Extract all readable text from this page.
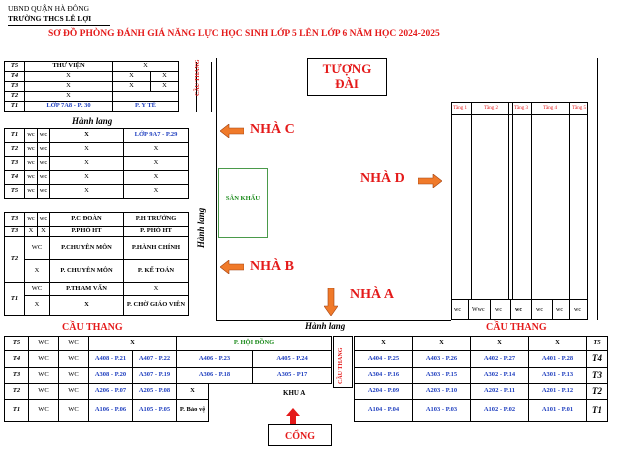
UBND QUẬN HÀ ĐÔNG
TRƯỜNG THCS LÊ LỢI
SƠ ĐỒ PHÒNG ĐÁNH GIÁ NĂNG LỰC HỌC SINH LỚP 5 LÊN LỚP 6 NĂM HỌC 2024-2025
T5	THƯ VIỆN	X			
T4	X	X	X		
T3	X	X	X		
T2	X				
T1	LỚP 7A8 - P. 30	P. Y TẾ			
CẦU THANG
Hành lang
T1	wc	wc	X	LỚP 9A7 - P.29
T2	wc	wc	X	X
T3	wc	wc	X	X
T4	wc	wc	X	X
T5	wc	wc	X	X
T3	wc	wc	P.C ĐOÀN	P.H TRƯỞNG
T3	X	X	P.PHÓ HT	P. PHÓ HT
T2	WC		P.CHUYÊN MÔN	P.HÀNH CHÍNH
	X		P. CHUYÊN MÔN	P. KẾ TOÁN
T1	WC		P.THAM VẤN	X
	X		X	P. CHỜ GIÁO VIÊN
Hành lang
SÂN KHẤU
TƯỢNG ĐÀI
NHÀ C
NHÀ B
NHÀ D
NHÀ A
Tầng 1	Tầng 2	Tầng 3	Tầng 4	Tầng 5
wc Wwc wc wc wc wc wc
Hành lang
CẦU THANG	CẦU THANG
T5	WC	WC	X		P. HỘI ĐỒNG		
T4	WC	WC	A408 - P.21	A407 - P.22	A406 - P.23		A405 - P.24
T3	WC	WC	A308 - P.20	A307 - P.19	A306 - P.18		A305 - P17
T2	WC	WC	A206 - P.07	A205 - P.08	X		
T1	WC	WC	A106 - P.06	A105 - P.05	P. Bảo vệ		
KHU A
CẦU THANG
X	X	X	X	T5
A404 - P.25	A403 - P.26	A402 - P.27	A401 - P.28	T4
A304 - P.16	A303 - P.15	A302 - P.14	A301 - P.13	T3
A204 - P.09	A203 - P.10	A202 - P.11	A201 - P.12	T2
A104 - P.04	A103 - P.03	A102 - P.02	A101 - P.01	T1
CỔNG
